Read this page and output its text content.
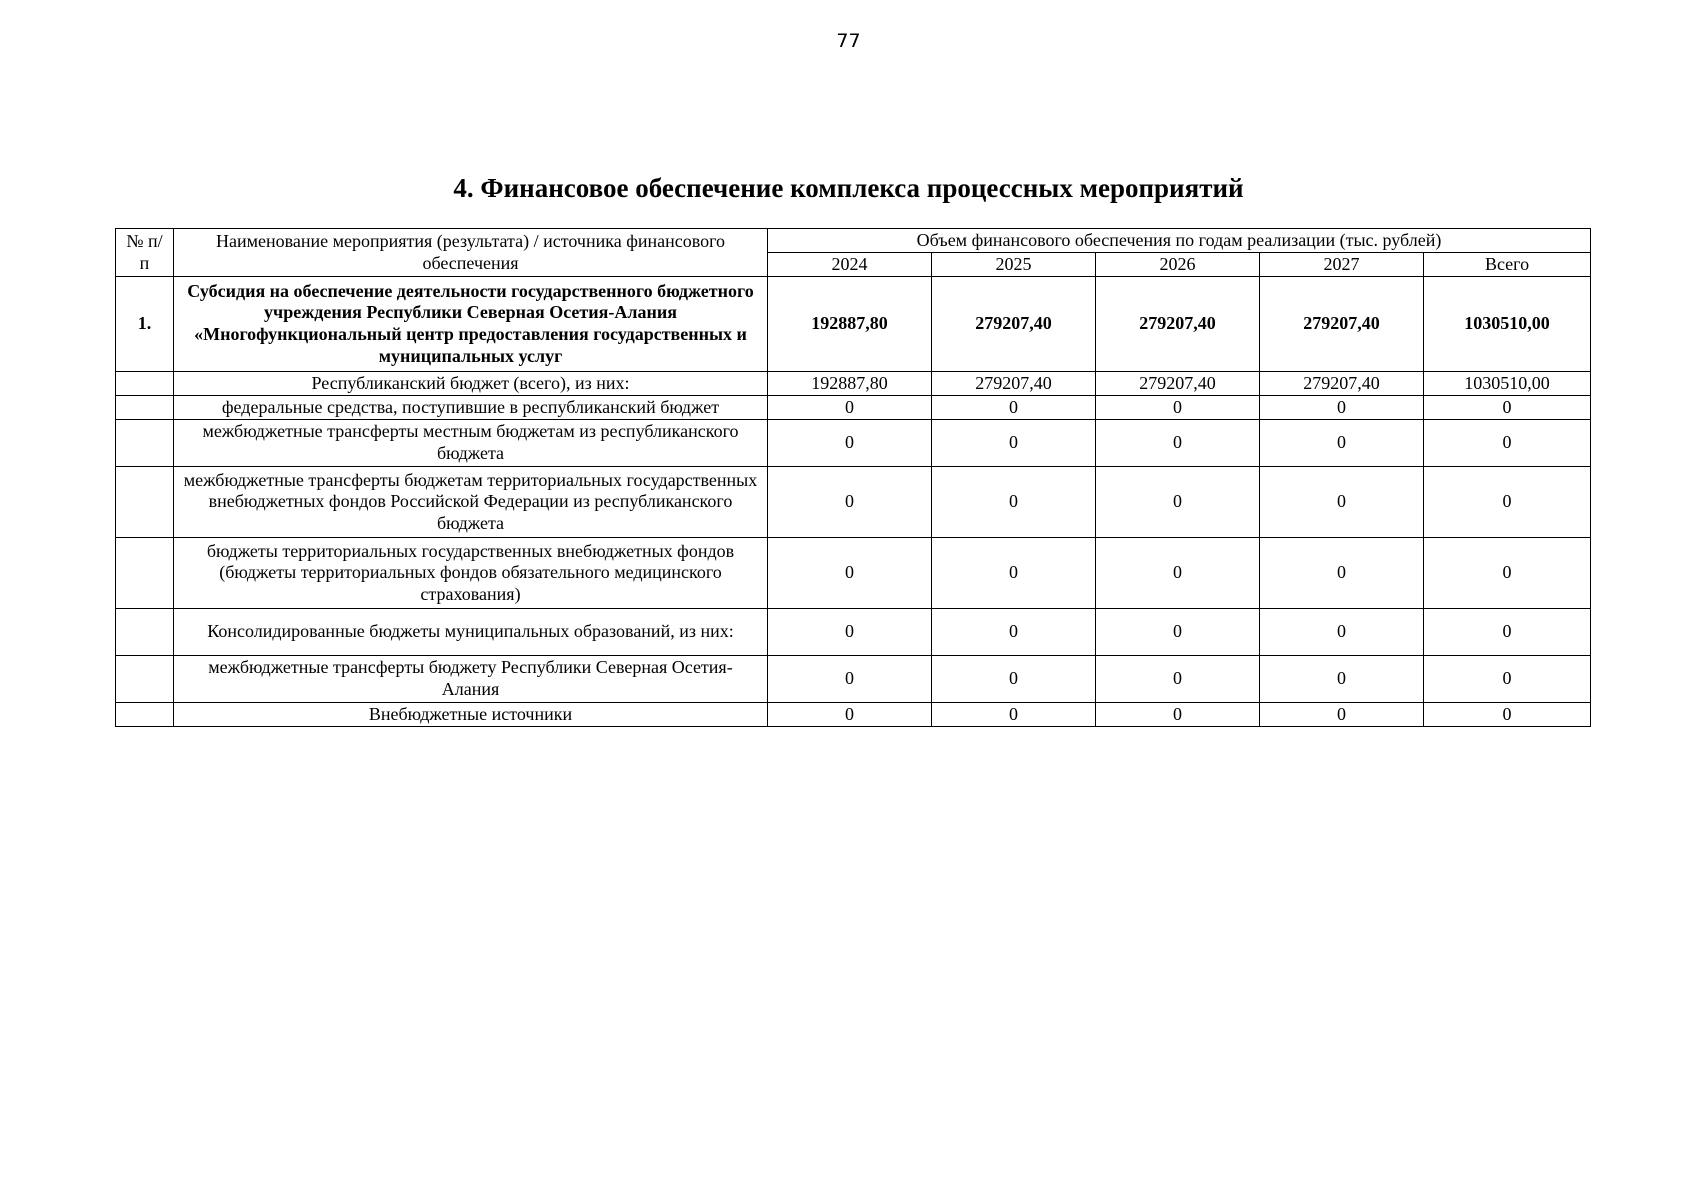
77
4. Финансовое обеспечение комплекса процессных мероприятий
№ п/п	Наименование мероприятия (результата) / источника финансового обеспечения	Объем финансового обеспечения по годам реализации (тыс. рублей)				
		2024	2025	2026	2027	Всего
1.	Субсидия на обеспечение деятельности государственного бюджетного учреждения Республики Северная Осетия-Алания «Многофункциональный центр предоставления государственных и муниципальных услуг	192887,80	279207,40	279207,40	279207,40	1030510,00
	Республиканский бюджет (всего), из них:	192887,80	279207,40	279207,40	279207,40	1030510,00
	федеральные средства, поступившие в республиканский бюджет	0	0	0	0	0
	межбюджетные трансферты местным бюджетам из республиканского бюджета	0	0	0	0	0
	межбюджетные трансферты бюджетам территориальных государственных внебюджетных фондов Российской Федерации из республиканского бюджета	0	0	0	0	0
	бюджеты территориальных государственных внебюджетных фондов (бюджеты территориальных фондов обязательного медицинского страхования)	0	0	0	0	0
	Консолидированные бюджеты муниципальных образований, из них:	0	0	0	0	0
	межбюджетные трансферты бюджету Республики Северная Осетия-Алания	0	0	0	0	0
	Внебюджетные источники	0	0	0	0	0
